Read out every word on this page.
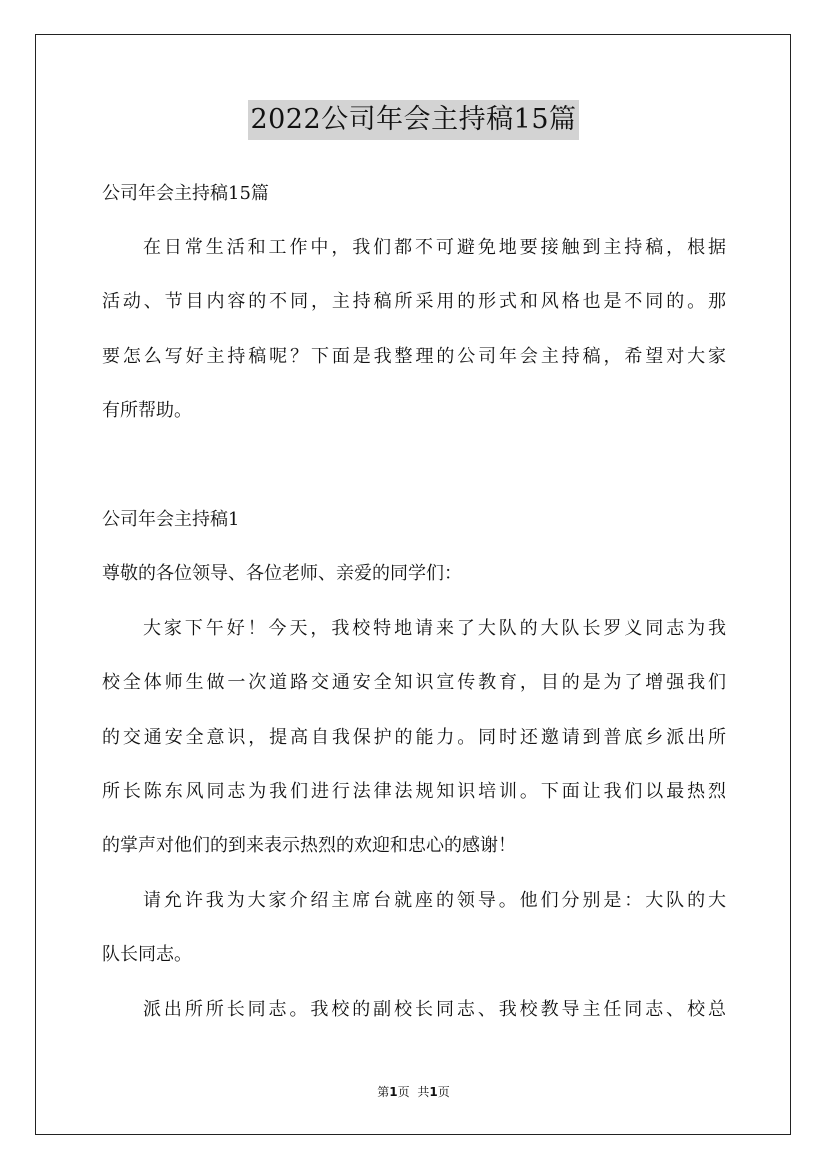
2022公司年会主持稿15篇
公司年会主持稿15篇
在日常生活和工作中，我们都不可避免地要接触到主持稿，根据
活动、节目内容的不同，主持稿所采用的形式和风格也是不同的。那
要怎么写好主持稿呢？下面是我整理的公司年会主持稿，希望对大家
有所帮助。
公司年会主持稿1
尊敬的各位领导、各位老师、亲爱的同学们：
大家下午好！今天，我校特地请来了大队的大队长罗义同志为我
校全体师生做一次道路交通安全知识宣传教育，目的是为了增强我们
的交通安全意识，提高自我保护的能力。同时还邀请到普底乡派出所
所长陈东风同志为我们进行法律法规知识培训。下面让我们以最热烈
的掌声对他们的到来表示热烈的欢迎和忠心的感谢！
请允许我为大家介绍主席台就座的领导。他们分别是：大队的大
队长同志。
派出所所长同志。我校的副校长同志、我校教导主任同志、校总
第1页 共1页
